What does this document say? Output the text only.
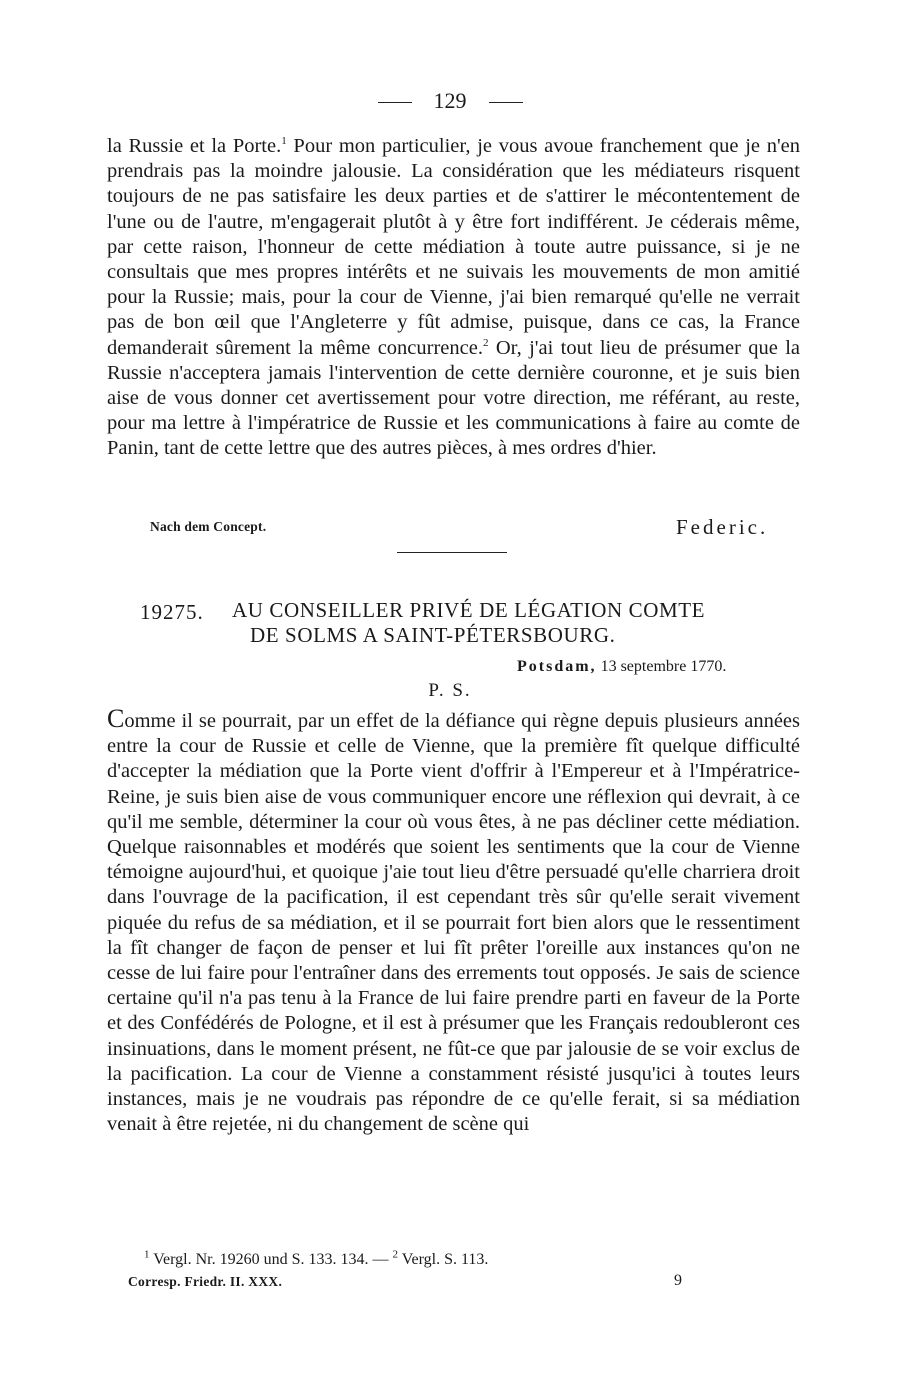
129
la Russie et la Porte.$^1$ Pour mon particulier, je vous avoue franchement que je n'en prendrais pas la moindre jalousie. La considération que les médiateurs risquent toujours de ne pas satisfaire les deux parties et de s'attirer le mécontentement de l'une ou de l'autre, m'engagerait plutôt à y être fort indifférent. Je céderais même, par cette raison, l'honneur de cette médiation à toute autre puissance, si je ne consultais que mes propres intérêts et ne suivais les mouvements de mon amitié pour la Russie; mais, pour la cour de Vienne, j'ai bien remarqué qu'elle ne verrait pas de bon œil que l'Angleterre y fût admise, puisque, dans ce cas, la France demanderait sûrement la même concurrence.$^2$ Or, j'ai tout lieu de présumer que la Russie n'acceptera jamais l'intervention de cette dernière couronne, et je suis bien aise de vous donner cet avertissement pour votre direction, me référant, au reste, pour ma lettre à l'impératrice de Russie et les communications à faire au comte de Panin, tant de cette lettre que des autres pièces, à mes ordres d'hier.
Nach dem Concept.	Federic.
19275. AU CONSEILLER PRIVÉ DE LÉGATION COMTE
DE SOLMS A SAINT-PÉTERSBOURG.
Potsdam, 13 septembre 1770.
P. S.
Comme il se pourrait, par un effet de la défiance qui règne depuis plusieurs années entre la cour de Russie et celle de Vienne, que la première fît quelque difficulté d'accepter la médiation que la Porte vient d'offrir à l'Empereur et à l'Impératrice-Reine, je suis bien aise de vous communiquer encore une réflexion qui devrait, à ce qu'il me semble, déterminer la cour où vous êtes, à ne pas décliner cette médiation. Quelque raisonnables et modérés que soient les sentiments que la cour de Vienne témoigne aujourd'hui, et quoique j'aie tout lieu d'être persuadé qu'elle charriera droit dans l'ouvrage de la pacification, il est cependant très sûr qu'elle serait vivement piquée du refus de sa médiation, et il se pourrait fort bien alors que le ressentiment la fît changer de façon de penser et lui fît prêter l'oreille aux instances qu'on ne cesse de lui faire pour l'entraîner dans des errements tout opposés. Je sais de science certaine qu'il n'a pas tenu à la France de lui faire prendre parti en faveur de la Porte et des Confédérés de Pologne, et il est à présumer que les Français redoubleront ces insinuations, dans le moment présent, ne fût-ce que par jalousie de se voir exclus de la pacification. La cour de Vienne a constamment résisté jusqu'ici à toutes leurs instances, mais je ne voudrais pas répondre de ce qu'elle ferait, si sa médiation venait à être rejetée, ni du changement de scène qui
$^1$ Vergl. Nr. 19260 und S. 133. 134. — $^2$ Vergl. S. 113.
Corresp. Friedr. II. XXX.	9
